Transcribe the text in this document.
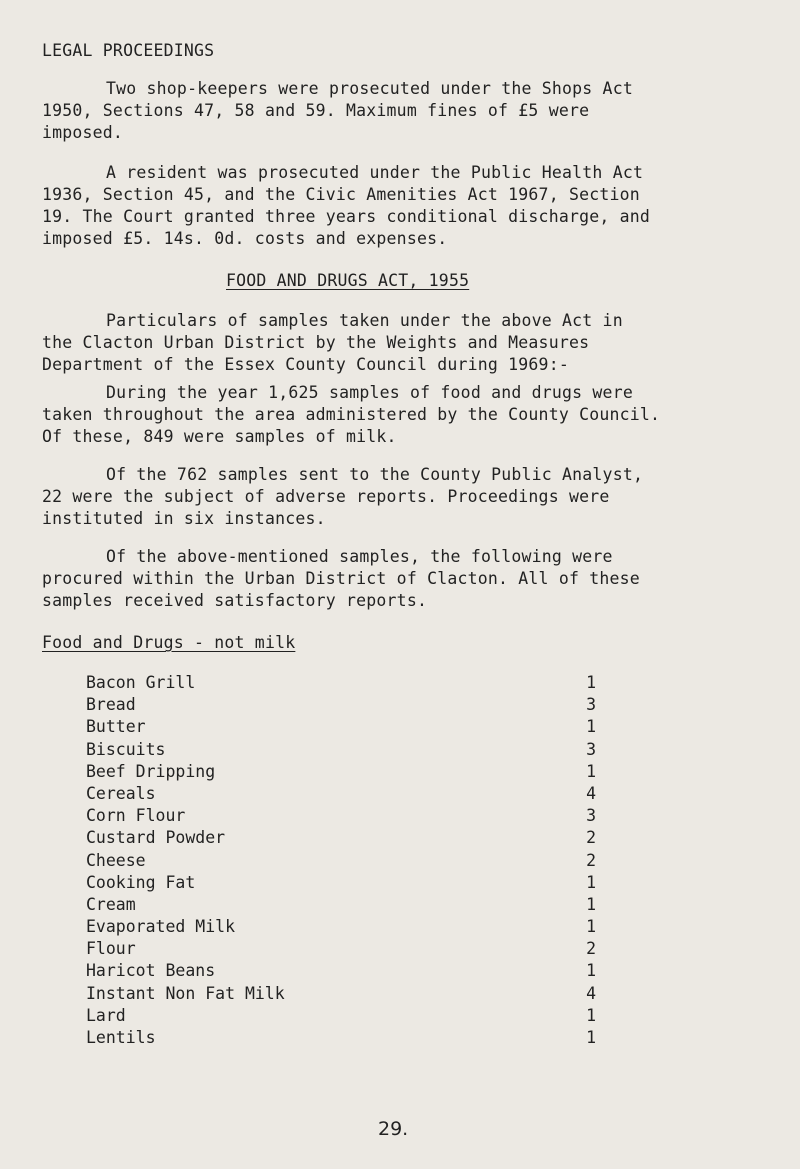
LEGAL PROCEEDINGS
Two shop-keepers were prosecuted under the Shops Act
1950, Sections 47, 58 and 59. Maximum fines of £5 were
imposed.
A resident was prosecuted under the Public Health Act
1936, Section 45, and the Civic Amenities Act 1967, Section
19. The Court granted three years conditional discharge, and
imposed £5. 14s. 0d. costs and expenses.
FOOD AND DRUGS ACT, 1955
Particulars of samples taken under the above Act in
the Clacton Urban District by the Weights and Measures
Department of the Essex County Council during 1969:-
During the year 1,625 samples of food and drugs were
taken throughout the area administered by the County Council.
Of these, 849 were samples of milk.
Of the 762 samples sent to the County Public Analyst,
22 were the subject of adverse reports. Proceedings were
instituted in six instances.
Of the above-mentioned samples, the following were
procured within the Urban District of Clacton. All of these
samples received satisfactory reports.
Food and Drugs - not milk
Bacon Grill	1
Bread	3
Butter	1
Biscuits	3
Beef Dripping	1
Cereals	4
Corn Flour	3
Custard Powder	2
Cheese	2
Cooking Fat	1
Cream	1
Evaporated Milk	1
Flour	2
Haricot Beans	1
Instant Non Fat Milk	4
Lard	1
Lentils	1
29.
